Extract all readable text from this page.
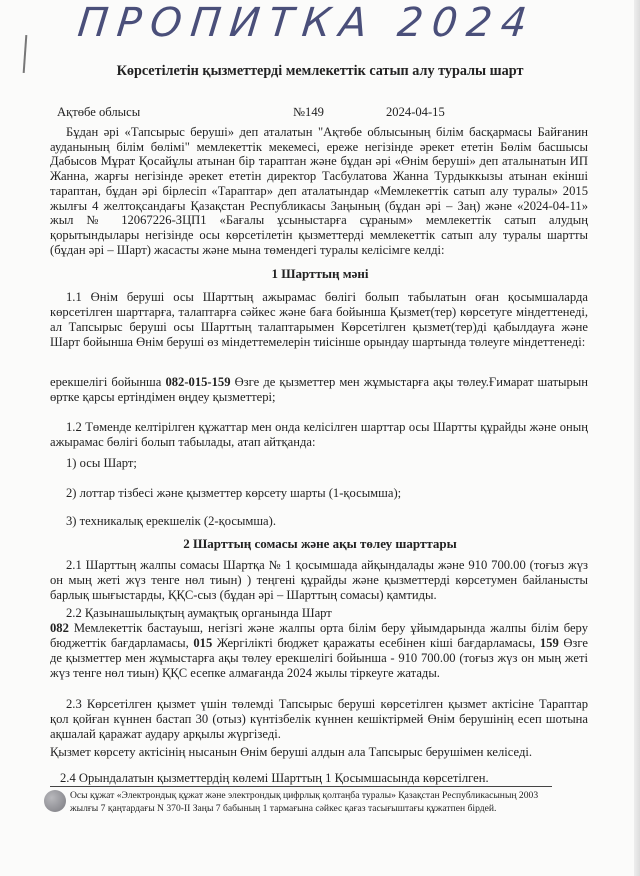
ПРОПИТКА 2024
Көрсетілетін қызметтерді мемлекеттік сатып алу туралы шарт
Ақтөбе облысы	№149	2024-04-15
Бұдан әрі «Тапсырыс беруші» деп аталатын "Ақтөбе облысының білім басқармасы Байғанин ауданының білім бөлімі" мемлекеттік мекемесі, ереже негізінде әрекет ететін Бөлім басшысы Дабысов Мұрат Қосайұлы атынан бір тараптан және бұдан әрі «Өнім беруші» деп аталынатын ИП Жанна, жарғы негізінде әрекет ететін директор Тасбулатова Жанна Турдыккызы атынан екінші тараптан, бұдан әрі бірлесіп «Тараптар» деп аталатындар «Мемлекеттік сатып алу туралы» 2015 жылғы 4 желтоқсандағы Қазақстан Республикасы Заңының (бұдан әрі – Заң) және «2024-04-11» жыл № 12067226-ЗЦП1 «Бағалы ұсыныстарға сұраным» мемлекеттік сатып алудың қорытындылары негізінде осы көрсетілетін қызметтерді мемлекеттік сатып алу туралы шартты (бұдан әрі – Шарт) жасасты және мына төмендегі туралы келісімге келді:
1 Шарттың мәні
1.1 Өнім беруші осы Шарттың ажырамас бөлігі болып табылатын оған қосымшаларда көрсетілген шарттарға, талаптарға сәйкес және баға бойынша Қызмет(тер) көрсетуге міндеттенеді, ал Тапсырыс беруші осы Шарттың талаптарымен Көрсетілген қызмет(тер)ді қабылдауға және Шарт бойынша Өнім беруші өз міндеттемелерін тиісінше орындау шартында төлеуге міндеттенеді:
ерекшелігі бойынша 082-015-159 Өзге де қызметтер мен жұмыстарға ақы төлеу.Ғимарат шатырын өртке қарсы ертіндімен өңдеу қызметтері;
1.2 Төменде келтірілген құжаттар мен онда келісілген шарттар осы Шартты құрайды және оның ажырамас бөлігі болып табылады, атап айтқанда:
1) осы Шарт;
2) лоттар тізбесі және қызметтер көрсету шарты (1-қосымша);
3) техникалық ерекшелік (2-қосымша).
2 Шарттың сомасы және ақы төлеу шарттары
2.1 Шарттың жалпы сомасы Шартқа № 1 қосымшада айқындалады және 910 700.00 (тоғыз жүз он мың жеті жүз тенге нөл тиын) ) теңгені құрайды және қызметтерді көрсетумен байланысты барлық шығыстарды, ҚҚС-сыз (бұдан әрі – Шарттың сомасы) қамтиды.
2.2 Қазынашылықтың аумақтық органында Шарт
082 Мемлекеттік бастауыш, негізгі және жалпы орта білім беру ұйымдарында жалпы білім беру бюджеттік бағдарламасы, 015 Жергілікті бюджет қаражаты есебінен кіші бағдарламасы, 159 Өзге де қызметтер мен жұмыстарға ақы төлеу ерекшелігі бойынша - 910 700.00 (тоғыз жүз он мың жеті жүз тенге нөл тиын) ҚҚС есепке алмағанда 2024 жылы тіркеуге жатады.
2.3 Көрсетілген қызмет үшін төлемді Тапсырыс беруші көрсетілген қызмет актісіне Тараптар қол қойған күннен бастап 30 (отыз) күнтізбелік күннен кешіктірмей Өнім берушінің есеп шотына ақшалай қаражат аудару арқылы жүргізеді.
Қызмет көрсету актісінің нысанын Өнім беруші алдын ала Тапсырыс берушімен келіседі.
2.4 Орындалатын қызметтердің көлемі Шарттың 1 Қосымшасында көрсетілген.
Осы құжат «Электрондық құжат және электрондық цифрлық қолтаңба туралы» Қазақстан Республикасының 2003 жылғы 7 қаңтардағы N 370-II Заңы 7 бабының 1 тармағына сәйкес қағаз тасығыштағы құжатпен бірдей.
